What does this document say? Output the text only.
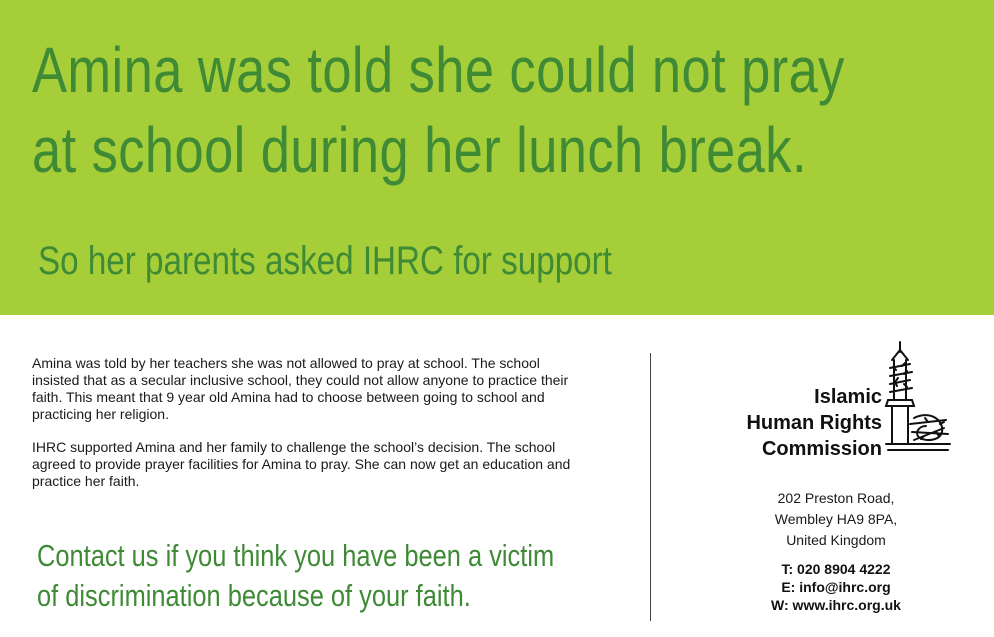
Amina was told she could not pray
at school during her lunch break.
So her parents asked IHRC for support

Amina was told by her teachers she was not allowed to pray at school. The school insisted that as a secular inclusive school, they could not allow anyone to practice their faith. This meant that 9 year old Amina had to choose between going to school and practicing her religion.

IHRC supported Amina and her family to challenge the school’s decision. The school agreed to provide prayer facilities for Amina to pray. She can now get an education and practice her faith.

Contact us if you think you have been a victim
of discrimination because of your faith.
Islamic
Human Rights
Commission
202 Preston Road,
Wembley HA9 8PA,
United Kingdom
T: 020 8904 4222
E: info@ihrc.org
W: www.ihrc.org.uk
